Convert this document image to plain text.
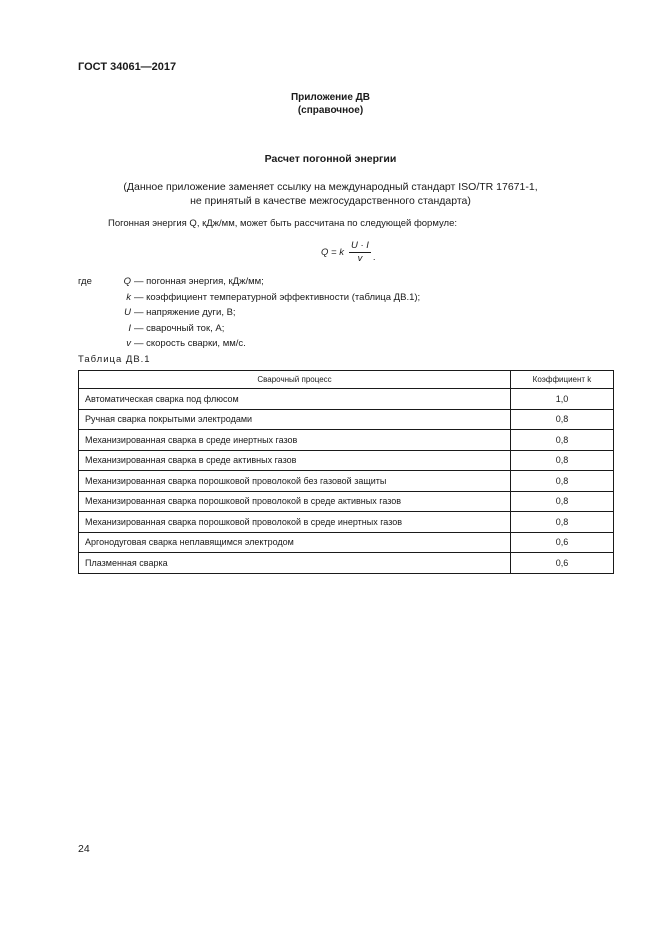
ГОСТ 34061—2017
Приложение ДВ
(справочное)
Расчет погонной энергии
(Данное приложение заменяет ссылку на международный стандарт ISO/TR 17671-1,
не принятый в качестве межгосударственного стандарта)
Погонная энергия Q, кДж/мм, может быть рассчитана по следующей формуле:
Q = k $\frac{U \cdot I}{v}$ .
где	Q — погонная энергия, кДж/мм;
k — коэффициент температурной эффективности (таблица ДВ.1);
U — напряжение дуги, В;
I — сварочный ток, А;
v — скорость сварки, мм/с.
Таблица ДВ.1
Сварочный процесс	Коэффициент k
Автоматическая сварка под флюсом	1,0
Ручная сварка покрытыми электродами	0,8
Механизированная сварка в среде инертных газов	0,8
Механизированная сварка в среде активных газов	0,8
Механизированная сварка порошковой проволокой без газовой защиты	0,8
Механизированная сварка порошковой проволокой в среде активных газов	0,8
Механизированная сварка порошковой проволокой в среде инертных газов	0,8
Аргонодуговая сварка неплавящимся электродом	0,6
Плазменная сварка	0,6
24
